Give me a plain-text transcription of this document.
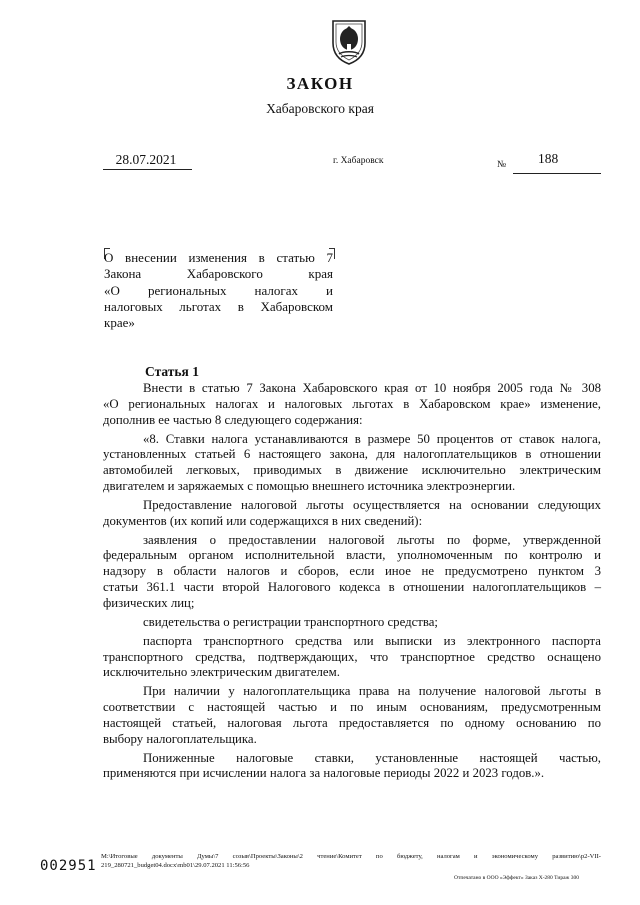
ЗАКОН
Хабаровского края
28.07.2021	г. Хабаровск	№ 188
О внесении изменения в статью 7
Закона Хабаровского края
«О региональных налогах и
налоговых льготах в Хабаровском
крае»
Статья 1
Внести в статью 7 Закона Хабаровского края от 10 ноября 2005 года № 308
«О региональных налогах и налоговых льготах в Хабаровском крае» изменение,
дополнив ее частью 8 следующего содержания:
«8. Ставки налога устанавливаются в размере 50 процентов от ставок налога,
установленных статьей 6 настоящего закона, для налогоплательщиков в отношении
автомобилей легковых, приводимых в движение исключительно электрическим
двигателем и заряжаемых с помощью внешнего источника электроэнергии.
Предоставление налоговой льготы осуществляется на основании следующих
документов (их копий или содержащихся в них сведений):
заявления о предоставлении налоговой льготы по форме, утвержденной
федеральным органом исполнительной власти, уполномоченным по контролю и
надзору в области налогов и сборов, если иное не предусмотрено пунктом 3
статьи 361.1 части второй Налогового кодекса в отношении налогоплательщиков –
физических лиц;
свидетельства о регистрации транспортного средства;
паспорта транспортного средства или выписки из электронного паспорта
транспортного средства, подтверждающих, что транспортное средство оснащено
исключительно электрическим двигателем.
При наличии у налогоплательщика права на получение налоговой льготы в
соответствии с настоящей частью и по иным основаниям, предусмотренным
настоящей статьей, налоговая льгота предоставляется по одному основанию по
выбору налогоплательщика.
Пониженные налоговые ставки, установленные настоящей частью,
применяются при исчислении налога за налоговые периоды 2022 и 2023 годов.».
002951
M:\Итоговые документы Думы\7 созыв\Проекты\Законы\2 чтение\Комитет по бюджету, налогам и экономическому развитию\р2-VII-
219_280721_budget04.docx\mb01\29.07.2021 11:56:56
Отпечатано в ООО «Эффект» Заказ Х-280 Тираж 300
